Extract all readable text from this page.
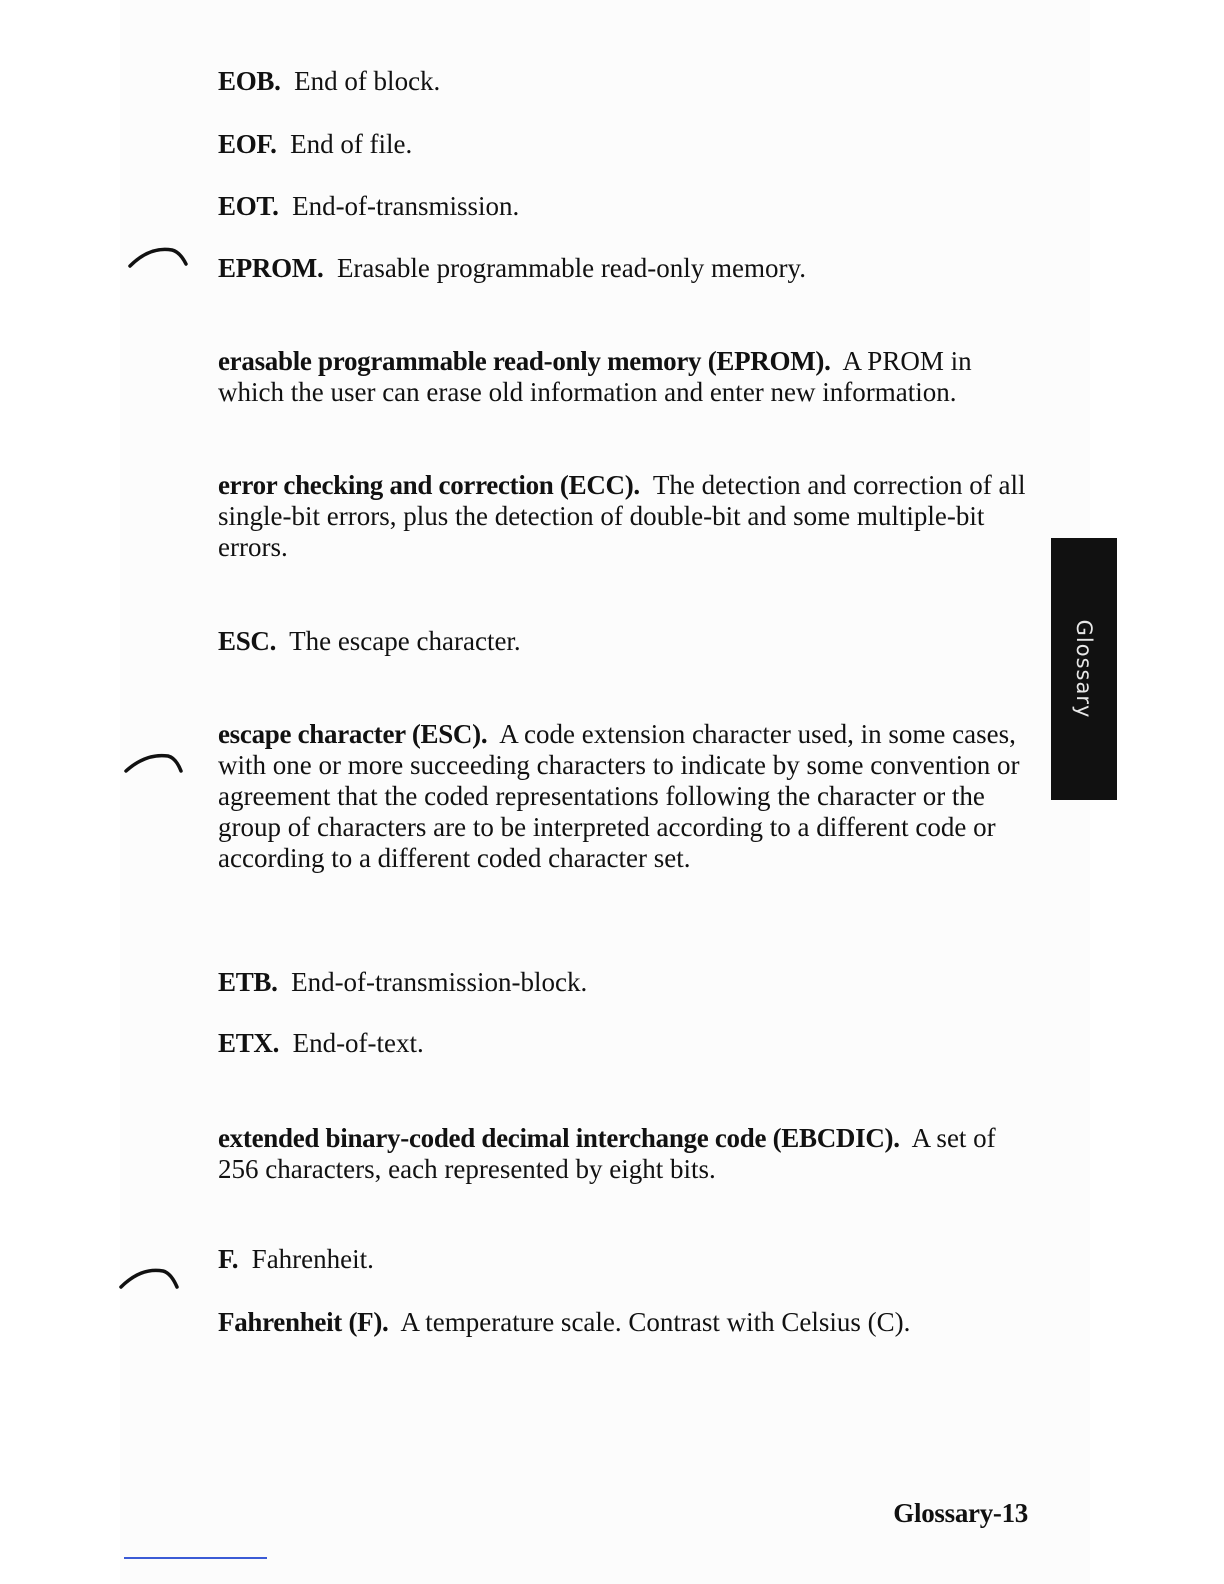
EOB. End of block.

EOF. End of file.

EOT. End-of-transmission.

EPROM. Erasable programmable read-only memory.

erasable programmable read-only memory (EPROM). A PROM in which the user can erase old information and enter new information.

error checking and correction (ECC). The detection and correction of all single-bit errors, plus the detection of double-bit and some multiple-bit errors.

ESC. The escape character.

escape character (ESC). A code extension character used, in some cases, with one or more succeeding characters to indicate by some convention or agreement that the coded representations following the character or the group of characters are to be interpreted according to a different code or according to a different coded character set.

ETB. End-of-transmission-block.

ETX. End-of-text.

extended binary-coded decimal interchange code (EBCDIC). A set of 256 characters, each represented by eight bits.

F. Fahrenheit.

Fahrenheit (F). A temperature scale. Contrast with Celsius (C).

Glossary
Glossary-13
